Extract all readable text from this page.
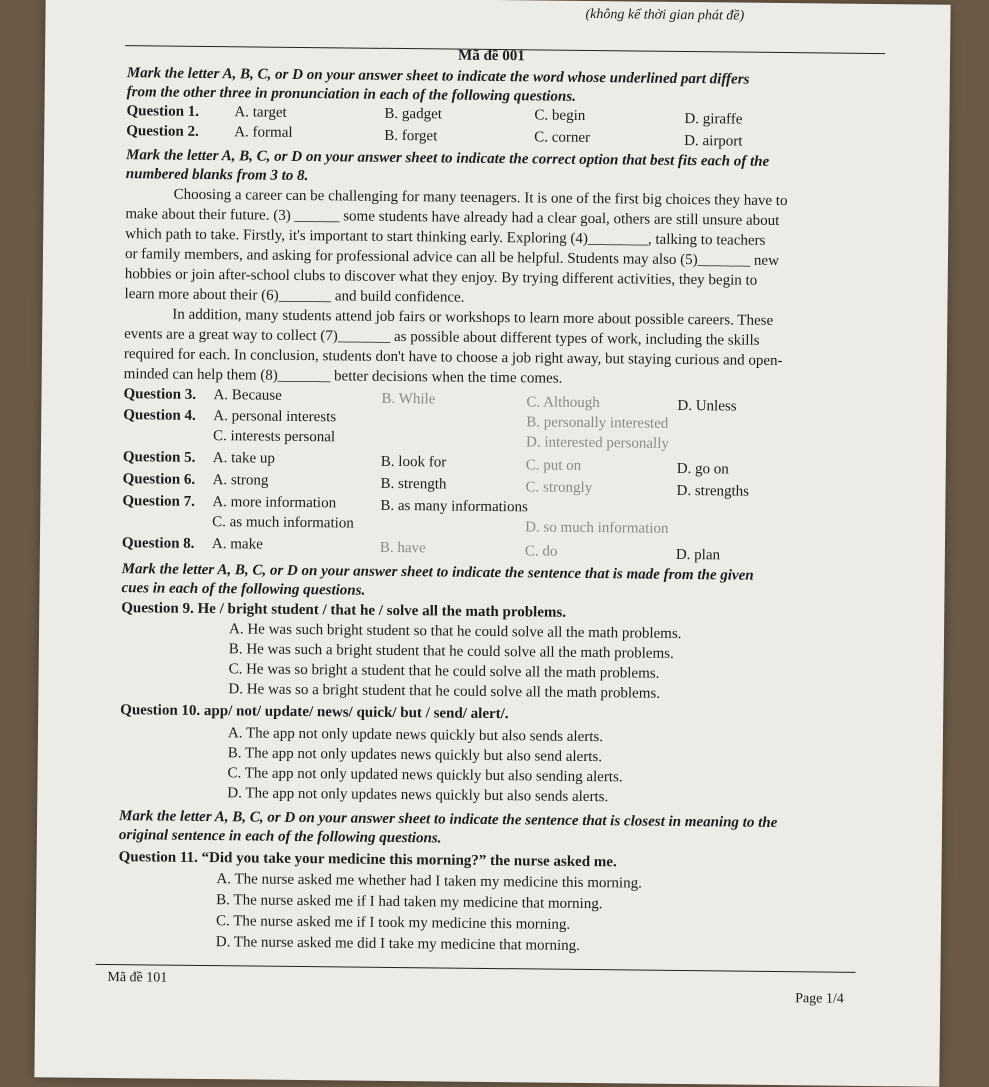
(không kể thời gian phát đề)
Mã đề 001
Mark the letter A, B, C, or D on your answer sheet to indicate the word whose underlined part differs
from the other three in pronunciation in each of the following questions.
Question 1. A. target	B. gadget	C. begin	D. giraffe
Question 2. A. formal	B. forget	C. corner	D. airport
Mark the letter A, B, C, or D on your answer sheet to indicate the correct option that best fits each of the
numbered blanks from 3 to 8.
Choosing a career can be challenging for many teenagers. It is one of the first big choices they have to
make about their future. (3) ______ some students have already had a clear goal, others are still unsure about
which path to take. Firstly, it's important to start thinking early. Exploring (4)________, talking to teachers
or family members, and asking for professional advice can all be helpful. Students may also (5)_______ new
hobbies or join after-school clubs to discover what they enjoy. By trying different activities, they begin to
learn more about their (6)_______ and build confidence.
In addition, many students attend job fairs or workshops to learn more about possible careers. These
events are a great way to collect (7)_______ as possible about different types of work, including the skills
required for each. In conclusion, students don't have to choose a job right away, but staying curious and open-
minded can help them (8)_______ better decisions when the time comes.
Question 3. A. Because	B. While	C. Although	D. Unless
Question 4. A. personal interests	B. personally interested
C. interests personal	D. interested personally
Question 5. A. take up	B. look for	C. put on	D. go on
Question 6. A. strong	B. strength	C. strongly	D. strengths
Question 7. A. more information	B. as many informations
C. as much information	D. so much information
Question 8. A. make	B. have	C. do	D. plan
Mark the letter A, B, C, or D on your answer sheet to indicate the sentence that is made from the given
cues in each of the following questions.
Question 9. He / bright student / that he / solve all the math problems.
A. He was such bright student so that he could solve all the math problems.
B. He was such a bright student that he could solve all the math problems.
C. He was so bright a student that he could solve all the math problems.
D. He was so a bright student that he could solve all the math problems.
Question 10. app/ not/ update/ news/ quick/ but / send/ alert/.
A. The app not only update news quickly but also sends alerts.
B. The app not only updates news quickly but also send alerts.
C. The app not only updated news quickly but also sending alerts.
D. The app not only updates news quickly but also sends alerts.
Mark the letter A, B, C, or D on your answer sheet to indicate the sentence that is closest in meaning to the
original sentence in each of the following questions.
Question 11. “Did you take your medicine this morning?” the nurse asked me.
A. The nurse asked me whether had I taken my medicine this morning.
B. The nurse asked me if I had taken my medicine that morning.
C. The nurse asked me if I took my medicine this morning.
D. The nurse asked me did I take my medicine that morning.
Mã đề 101
Page 1/4
